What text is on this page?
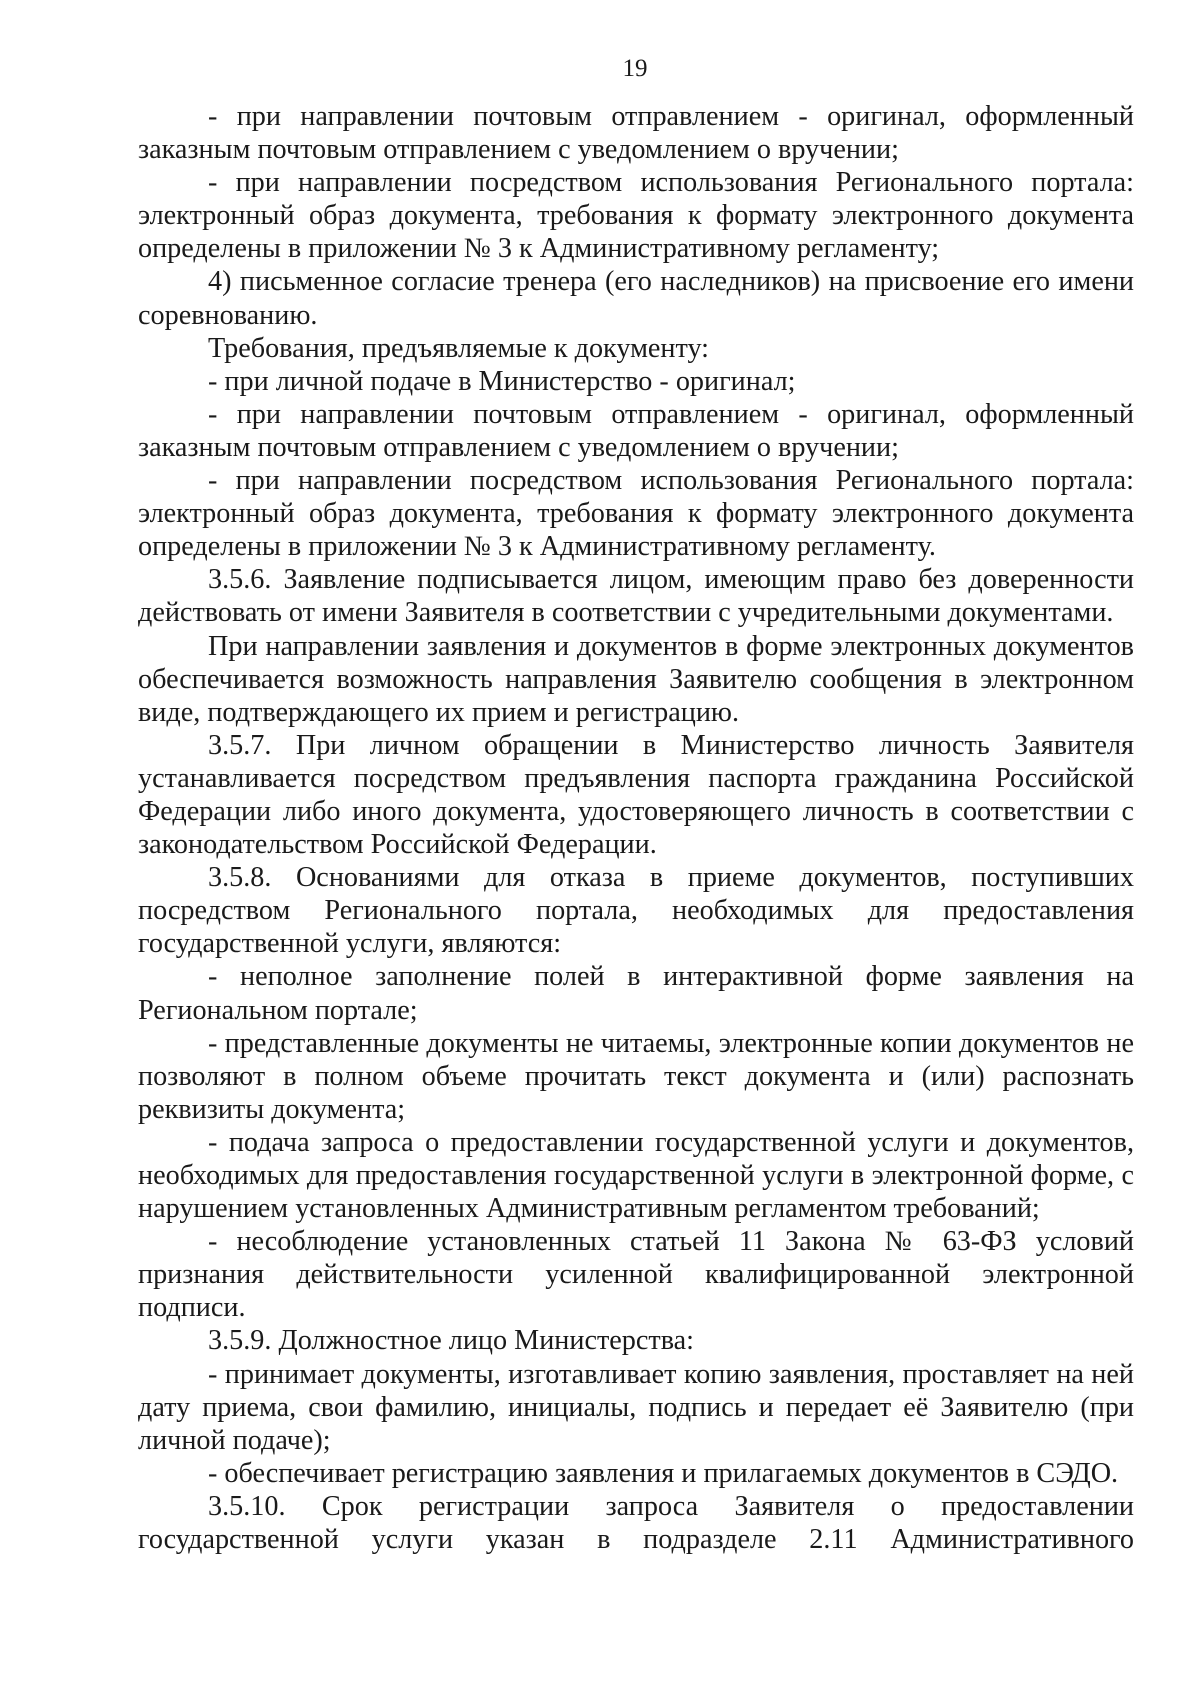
19

- при направлении почтовым отправлением - оригинал, оформленный заказным почтовым отправлением с уведомлением о вручении;

- при направлении посредством использования Регионального портала: электронный образ документа, требования к формату электронного документа определены в приложении № 3 к Административному регламенту;

4) письменное согласие тренера (его наследников) на присвоение его имени соревнованию.

Требования, предъявляемые к документу:

- при личной подаче в Министерство - оригинал;

- при направлении почтовым отправлением - оригинал, оформленный заказным почтовым отправлением с уведомлением о вручении;

- при направлении посредством использования Регионального портала: электронный образ документа, требования к формату электронного документа определены в приложении № 3 к Административному регламенту.

3.5.6. Заявление подписывается лицом, имеющим право без доверенности действовать от имени Заявителя в соответствии с учредительными документами.

При направлении заявления и документов в форме электронных документов обеспечивается возможность направления Заявителю сообщения в электронном виде, подтверждающего их прием и регистрацию.

3.5.7. При личном обращении в Министерство личность Заявителя устанавливается посредством предъявления паспорта гражданина Российской Федерации либо иного документа, удостоверяющего личность в соответствии с законодательством Российской Федерации.

3.5.8. Основаниями для отказа в приеме документов, поступивших посредством Регионального портала, необходимых для предоставления государственной услуги, являются:

- неполное заполнение полей в интерактивной форме заявления на Региональном портале;

- представленные документы не читаемы, электронные копии документов не позволяют в полном объеме прочитать текст документа и (или) распознать реквизиты документа;

- подача запроса о предоставлении государственной услуги и документов, необходимых для предоставления государственной услуги в электронной форме, с нарушением установленных Административным регламентом требований;

- несоблюдение установленных статьей 11 Закона № 63-ФЗ условий признания действительности усиленной квалифицированной электронной подписи.

3.5.9. Должностное лицо Министерства:

- принимает документы, изготавливает копию заявления, проставляет на ней дату приема, свои фамилию, инициалы, подпись и передает её Заявителю (при личной подаче);

- обеспечивает регистрацию заявления и прилагаемых документов в СЭДО.

3.5.10. Срок регистрации запроса Заявителя о предоставлении государственной услуги указан в подразделе 2.11 Административного
